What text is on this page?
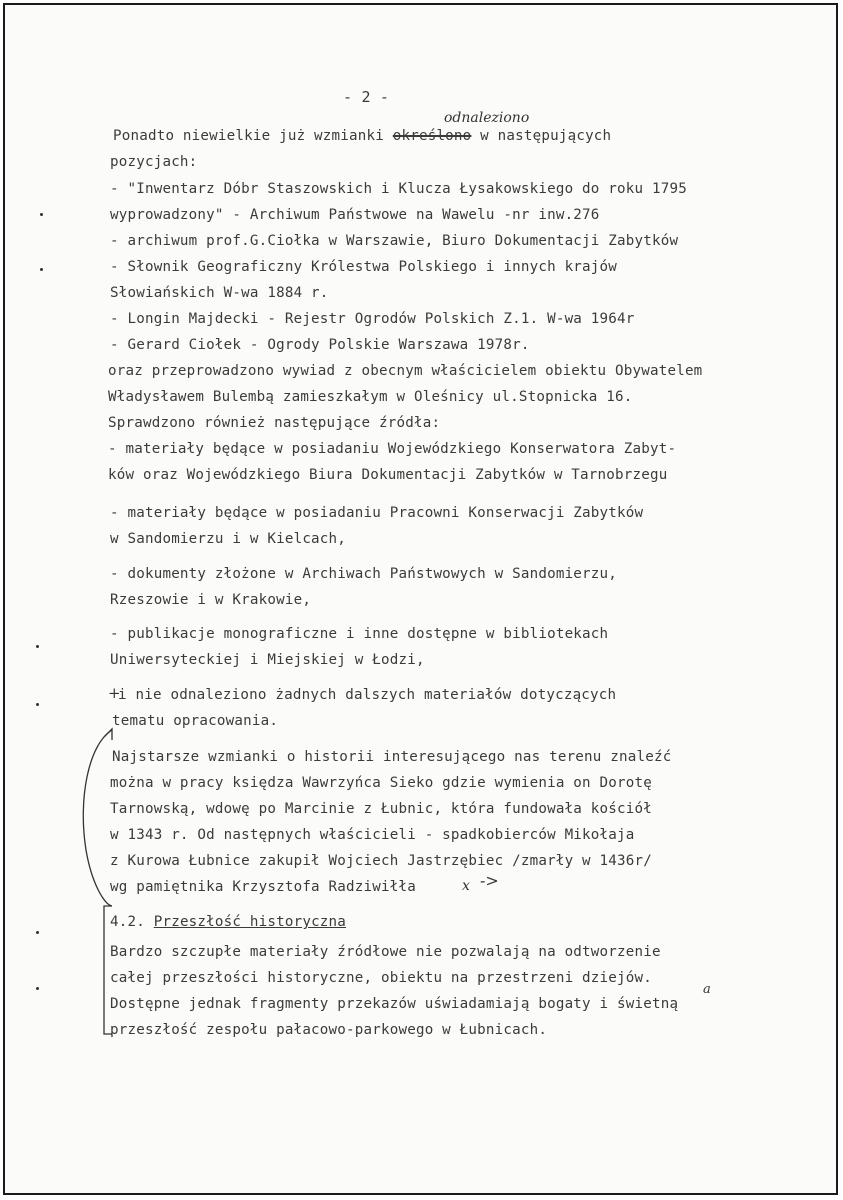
- 2 -
Ponadto niewielkie już wzmianki określono w następujących
pozycjach:
- "Inwentarz Dóbr Staszowskich i Klucza Łysakowskiego do roku 1795
wyprowadzony" - Archiwum Państwowe na Wawelu -nr inw.276
- archiwum prof.G.Ciołka w Warszawie, Biuro Dokumentacji Zabytków
- Słownik Geograficzny Królestwa Polskiego i innych krajów
Słowiańskich W-wa 1884 r.
- Longin Majdecki - Rejestr Ogrodów Polskich Z.1. W-wa 1964r
- Gerard Ciołek - Ogrody Polskie Warszawa 1978r.
oraz przeprowadzono wywiad z obecnym właścicielem obiektu Obywatelem
Władysławem Bulembą zamieszkałym w Oleśnicy ul.Stopnicka 16.
Sprawdzono również następujące źródła:
- materiały będące w posiadaniu Wojewódzkiego Konserwatora Zabyt-
ków oraz Wojewódzkiego Biura Dokumentacji Zabytków w Tarnobrzegu
- materiały będące w posiadaniu Pracowni Konserwacji Zabytków
w Sandomierzu i w Kielcach,
- dokumenty złożone w Archiwach Państwowych w Sandomierzu,
Rzeszowie i w Krakowie,
- publikacje monograficzne i inne dostępne w bibliotekach
Uniwersyteckiej i Miejskiej w Łodzi,
i nie odnaleziono żadnych dalszych materiałów dotyczących
tematu opracowania.
Najstarsze wzmianki o historii interesującego nas terenu znaleźć
można w pracy księdza Wawrzyńca Sieko gdzie wymienia on Dorotę
Tarnowską, wdowę po Marcinie z Łubnic, która fundowała kościół
w 1343 r. Od następnych właścicieli - spadkobierców Mikołaja
z Kurowa Łubnice zakupił Wojciech Jastrzębiec /zmarły w 1436r/
wg pamiętnika Krzysztofa Radziwiłła
4.2. Przeszłość historyczna
Bardzo szczupłe materiały źródłowe nie pozwalają na odtworzenie
całej przeszłości historyczne, obiektu na przestrzeni dziejów.
Dostępne jednak fragmenty przekazów uświadamiają bogaty i świetną
przeszłość zespołu pałacowo-parkowego w Łubnicach.
odnaleziono
+
x ->
a
